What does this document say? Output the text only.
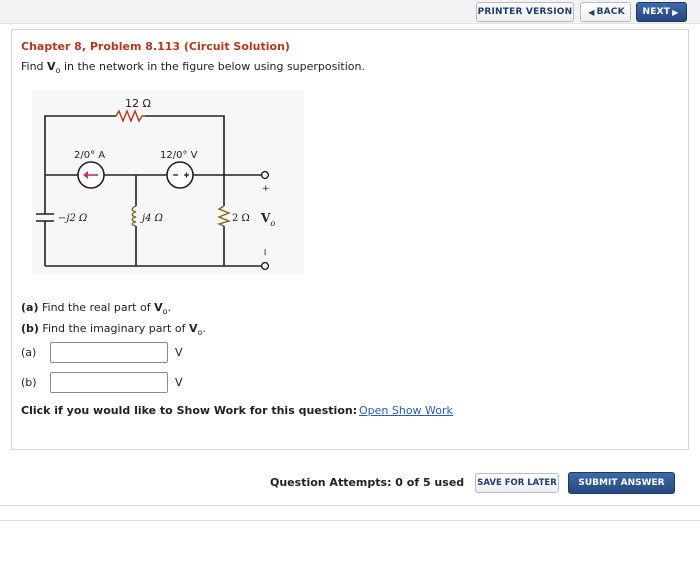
PRINTER VERSION ◀ BACK NEXT ▶
Chapter 8, Problem 8.113 (Circuit Solution)
Find $V_o$ in the network in the figure below using superposition.
12 Ω
2/0° A	12/0° V
−j2 Ω	j4 Ω	2 Ω $V_o$
+
−
(a) Find the real part of $V_o$.
(b) Find the imaginary part of $V_o$.
(a)	V
(b)	V
Click if you would like to Show Work for this question: Open Show Work
Question Attempts: 0 of 5 used SAVE FOR LATER SUBMIT ANSWER
